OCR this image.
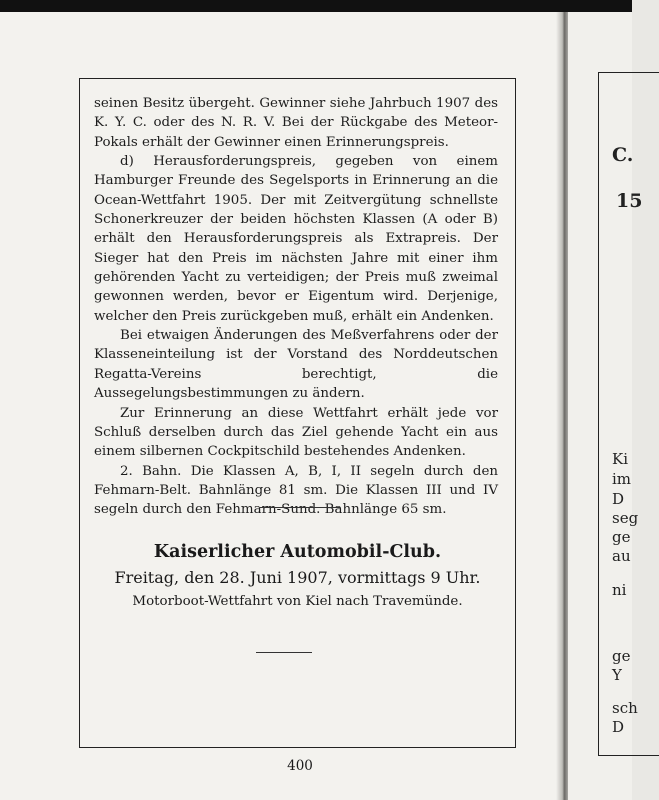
C.
15
Ki
im
D
seg
ge
au
ni
ge
Y
sch
D

seinen Besitz übergeht. Gewinner siehe Jahrbuch 1907 des K. Y. C. oder des N. R. V. Bei der Rückgabe des Meteor-Pokals erhält der Gewinner einen Erinnerungspreis.

d) Herausforderungspreis, gegeben von einem Hamburger Freunde des Segelsports in Erinnerung an die Ocean-Wettfahrt 1905. Der mit Zeitvergütung schnellste Schonerkreuzer der beiden höchsten Klassen (A oder B) erhält den Herausforderungspreis als Extrapreis. Der Sieger hat den Preis im nächsten Jahre mit einer ihm gehörenden Yacht zu verteidigen; der Preis muß zweimal gewonnen werden, bevor er Eigentum wird. Derjenige, welcher den Preis zurückgeben muß, erhält ein Andenken.

Bei etwaigen Änderungen des Meßverfahrens oder der Klasseneinteilung ist der Vorstand des Norddeutschen Regatta-Vereins berechtigt, die Aussegelungsbestimmungen zu ändern.

Zur Erinnerung an diese Wettfahrt erhält jede vor Schluß derselben durch das Ziel gehende Yacht ein aus einem silbernen Cockpitschild bestehendes Andenken.

2. Bahn. Die Klassen A, B, I, II segeln durch den Fehmarn-Belt. Bahnlänge 81 sm. Die Klassen III und IV segeln durch den Fehmarn-Sund. Bahnlänge 65 sm.

Kaiserlicher Automobil-Club.
Freitag, den 28. Juni 1907, vormittags 9 Uhr.
Motorboot-Wettfahrt von Kiel nach Travemünde.
400
